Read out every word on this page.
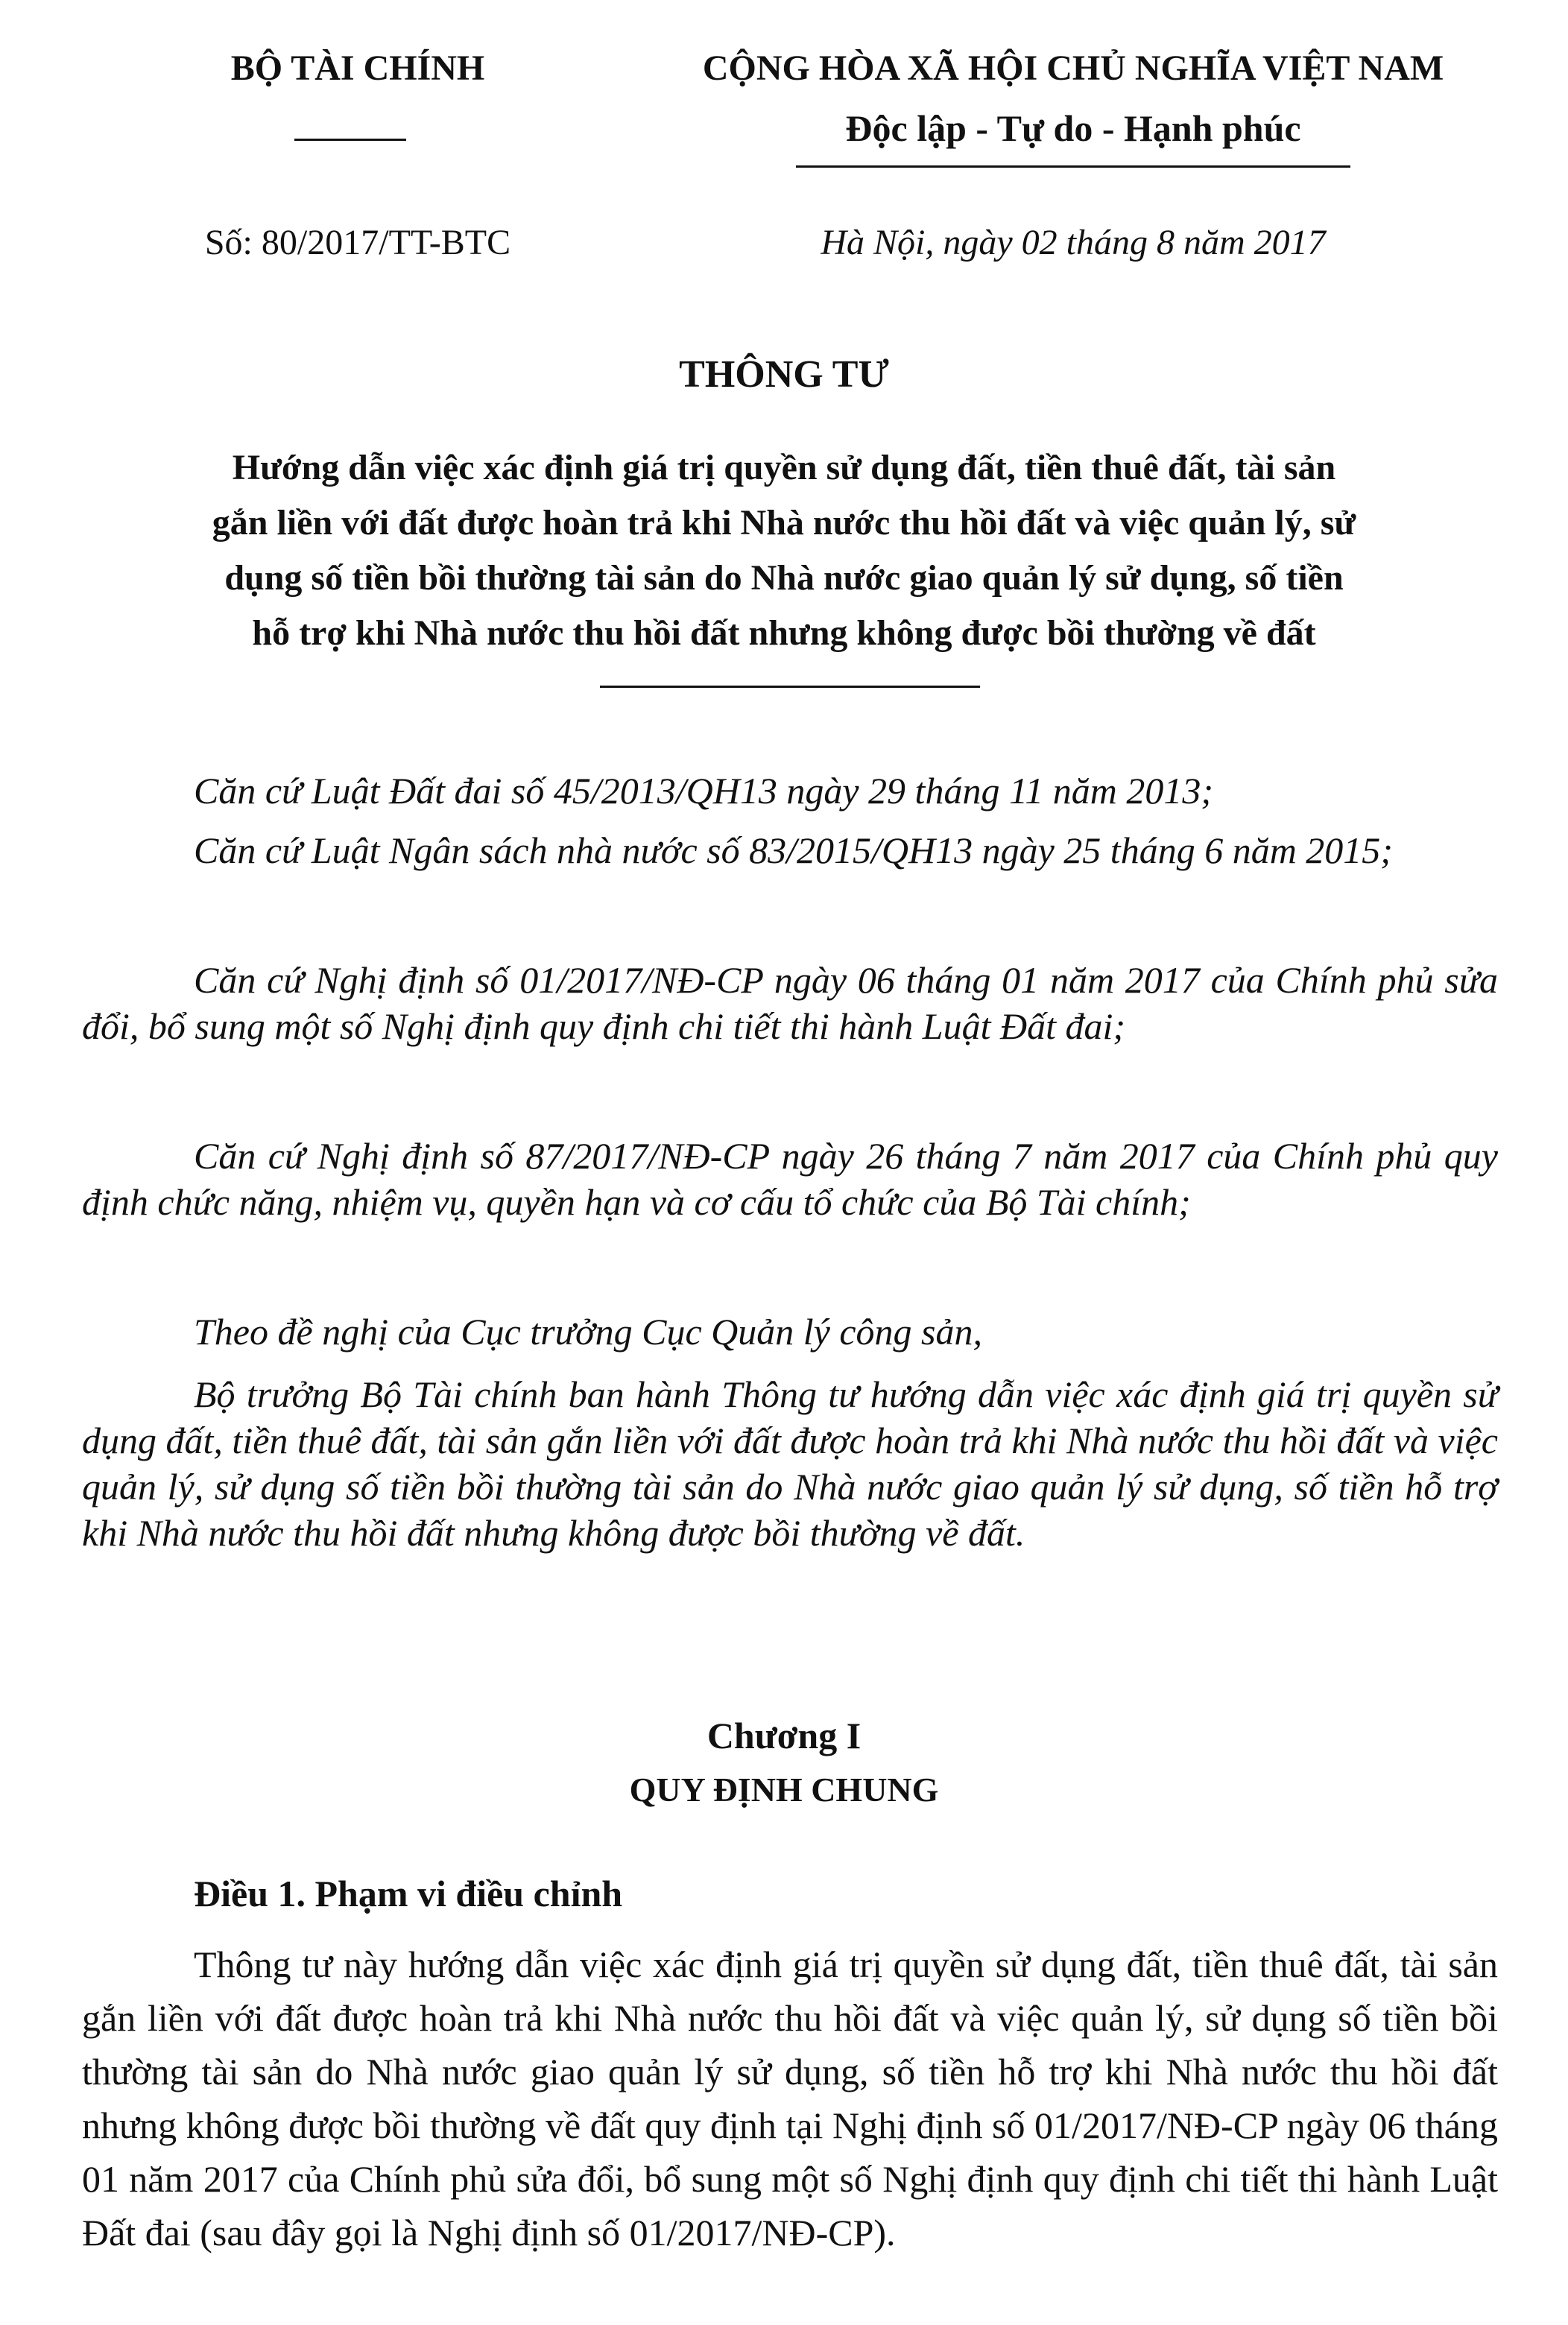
BỘ TÀI CHÍNH	CỘNG HÒA XÃ HỘI CHỦ NGHĨA VIỆT NAM
Độc lập - Tự do - Hạnh phúc
Số: 80/2017/TT-BTC	Hà Nội, ngày 02 tháng 8 năm 2017
THÔNG TƯ
Hướng dẫn việc xác định giá trị quyền sử dụng đất, tiền thuê đất, tài sản
gắn liền với đất được hoàn trả khi Nhà nước thu hồi đất và việc quản lý, sử
dụng số tiền bồi thường tài sản do Nhà nước giao quản lý sử dụng, số tiền
hỗ trợ khi Nhà nước thu hồi đất nhưng không được bồi thường về đất
Căn cứ Luật Đất đai số 45/2013/QH13 ngày 29 tháng 11 năm 2013;
Căn cứ Luật Ngân sách nhà nước số 83/2015/QH13 ngày 25 tháng 6 năm 2015;
Căn cứ Nghị định số 01/2017/NĐ-CP ngày 06 tháng 01 năm 2017 của Chính phủ sửa đổi, bổ sung một số Nghị định quy định chi tiết thi hành Luật Đất đai;
Căn cứ Nghị định số 87/2017/NĐ-CP ngày 26 tháng 7 năm 2017 của Chính phủ quy định chức năng, nhiệm vụ, quyền hạn và cơ cấu tổ chức của Bộ Tài chính;
Theo đề nghị của Cục trưởng Cục Quản lý công sản,
Bộ trưởng Bộ Tài chính ban hành Thông tư hướng dẫn việc xác định giá trị quyền sử dụng đất, tiền thuê đất, tài sản gắn liền với đất được hoàn trả khi Nhà nước thu hồi đất và việc quản lý, sử dụng số tiền bồi thường tài sản do Nhà nước giao quản lý sử dụng, số tiền hỗ trợ khi Nhà nước thu hồi đất nhưng không được bồi thường về đất.
Chương I
QUY ĐỊNH CHUNG
Điều 1. Phạm vi điều chỉnh
Thông tư này hướng dẫn việc xác định giá trị quyền sử dụng đất, tiền thuê đất, tài sản gắn liền với đất được hoàn trả khi Nhà nước thu hồi đất và việc quản lý, sử dụng số tiền bồi thường tài sản do Nhà nước giao quản lý sử dụng, số tiền hỗ trợ khi Nhà nước thu hồi đất nhưng không được bồi thường về đất quy định tại Nghị định số 01/2017/NĐ-CP ngày 06 tháng 01 năm 2017 của Chính phủ sửa đổi, bổ sung một số Nghị định quy định chi tiết thi hành Luật Đất đai (sau đây gọi là Nghị định số 01/2017/NĐ-CP).
